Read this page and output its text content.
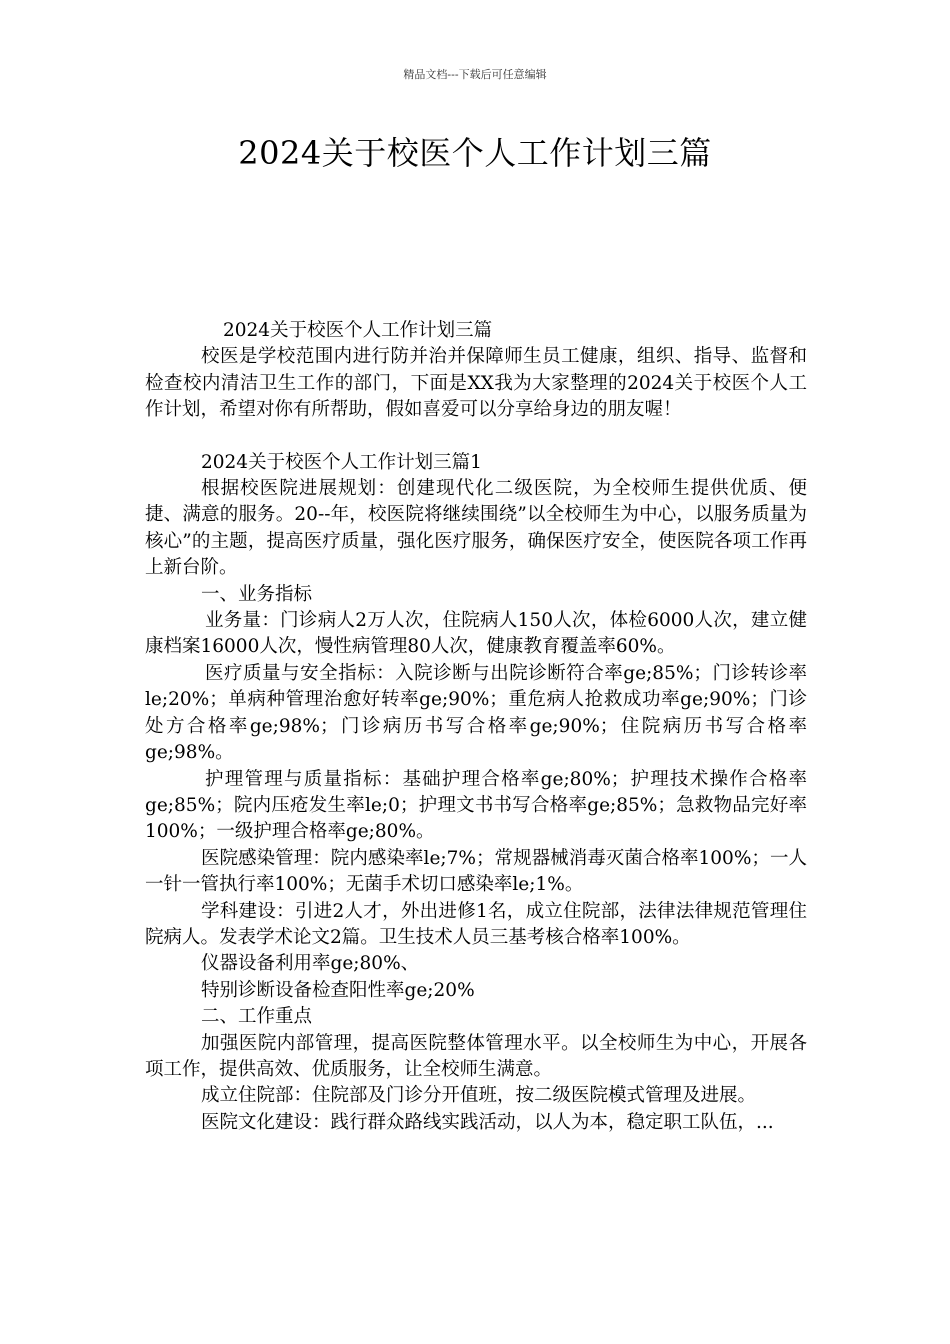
精品文档---下载后可任意编辑
2024关于校医个人工作计划三篇

2024关于校医个人工作计划三篇

校医是学校范围内进行防并治并保障师生员工健康，组织、指导、监督和检查校内清洁卫生工作的部门，下面是XX我为大家整理的2024关于校医个人工作计划，希望对你有所帮助，假如喜爱可以分享给身边的朋友喔！

2024关于校医个人工作计划三篇1

根据校医院进展规划：创建现代化二级医院，为全校师生提供优质、便捷、满意的服务。20--年，校医院将继续围绕”以全校师生为中心，以服务质量为核心”的主题，提高医疗质量，强化医疗服务，确保医疗安全，使医院各项工作再上新台阶。

一、业务指标

业务量：门诊病人2万人次，住院病人150人次，体检6000人次，建立健康档案16000人次，慢性病管理80人次，健康教育覆盖率60%。

医疗质量与安全指标：入院诊断与出院诊断符合率ge;85%；门诊转诊率le;20%；单病种管理治愈好转率ge;90%；重危病人抢救成功率ge;90%；门诊处方合格率ge;98%；门诊病历书写合格率ge;90%；住院病历书写合格率ge;98%。

护理管理与质量指标：基础护理合格率ge;80%；护理技术操作合格率ge;85%；院内压疮发生率le;0；护理文书书写合格率ge;85%；急救物品完好率100%；一级护理合格率ge;80%。

医院感染管理：院内感染率le;7%；常规器械消毒灭菌合格率100%；一人一针一管执行率100%；无菌手术切口感染率le;1%。

学科建设：引进2人才，外出进修1名，成立住院部，法律法律规范管理住院病人。发表学术论文2篇。卫生技术人员三基考核合格率100%。

仪器设备利用率ge;80%、

特别诊断设备检查阳性率ge;20%

二、工作重点

加强医院内部管理，提高医院整体管理水平。以全校师生为中心，开展各项工作，提供高效、优质服务，让全校师生满意。

成立住院部：住院部及门诊分开值班，按二级医院模式管理及进展。

医院文化建设：践行群众路线实践活动，以人为本，稳定职工队伍，...
